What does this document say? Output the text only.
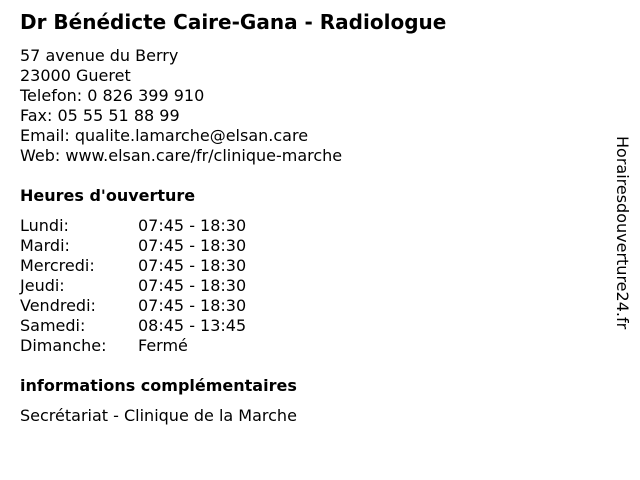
Dr Bénédicte Caire-Gana - Radiologue
57 avenue du Berry
23000 Gueret
Telefon: 0 826 399 910
Fax: 05 55 51 88 99
Email: qualite.lamarche@elsan.care
Web: www.elsan.care/fr/clinique-marche
Heures d'ouverture
Lundi:	07:45 - 18:30
Mardi:	07:45 - 18:30
Mercredi:	07:45 - 18:30
Jeudi:	07:45 - 18:30
Vendredi:	07:45 - 18:30
Samedi:	08:45 - 13:45
Dimanche:	Fermé
informations complémentaires
Secrétariat - Clinique de la Marche
Horairesdouverture24.fr
